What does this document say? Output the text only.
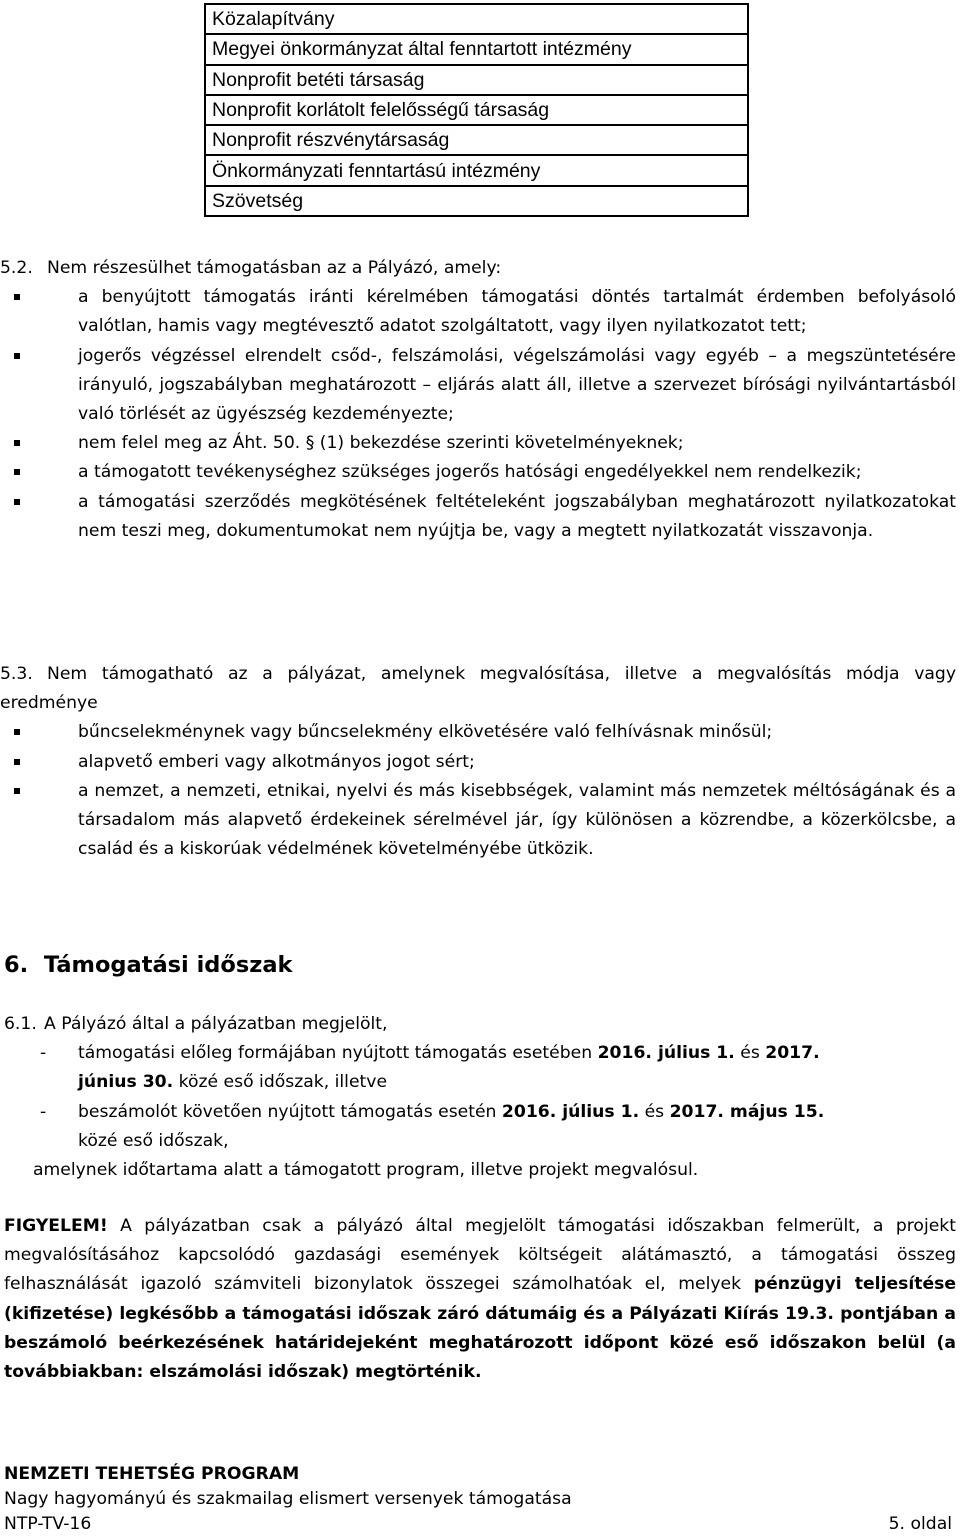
Közalapítvány
Megyei önkormányzat által fenntartott intézmény
Nonprofit betéti társaság
Nonprofit korlátolt felelősségű társaság
Nonprofit részvénytársaság
Önkormányzati fenntartású intézmény
Szövetség

5.2. Nem részesülhet támogatásban az a Pályázó, amely:

a benyújtott támogatás iránti kérelmében támogatási döntés tartalmát érdemben befolyásoló valótlan, hamis vagy megtévesztő adatot szolgáltatott, vagy ilyen nyilatkozatot tett;

jogerős végzéssel elrendelt csőd-, felszámolási, végelszámolási vagy egyéb – a megszüntetésére irányuló, jogszabályban meghatározott – eljárás alatt áll, illetve a szervezet bírósági nyilvántartásból való törlését az ügyészség kezdeményezte;

nem felel meg az Áht. 50. § (1) bekezdése szerinti követelményeknek;

a támogatott tevékenységhez szükséges jogerős hatósági engedélyekkel nem rendelkezik;

a támogatási szerződés megkötésének feltételeként jogszabályban meghatározott nyilatkozatokat nem teszi meg, dokumentumokat nem nyújtja be, vagy a megtett nyilatkozatát visszavonja.

5.3. Nem támogatható az a pályázat, amelynek megvalósítása, illetve a megvalósítás módja vagy eredménye

bűncselekménynek vagy bűncselekmény elkövetésére való felhívásnak minősül;

alapvető emberi vagy alkotmányos jogot sért;

a nemzet, a nemzeti, etnikai, nyelvi és más kisebbségek, valamint más nemzetek méltóságának és a társadalom más alapvető érdekeinek sérelmével jár, így különösen a közrendbe, a közerkölcsbe, a család és a kiskorúak védelmének követelményébe ütközik.

6. Támogatási időszak

6.1. A Pályázó által a pályázatban megjelölt,

- támogatási előleg formájában nyújtott támogatás esetében 2016. július 1. és 2017.
június 30. közé eső időszak, illetve

- beszámolót követően nyújtott támogatás esetén 2016. július 1. és 2017. május 15.
közé eső időszak,

amelynek időtartama alatt a támogatott program, illetve projekt megvalósul.

FIGYELEM! A pályázatban csak a pályázó által megjelölt támogatási időszakban felmerült, a projekt megvalósításához kapcsolódó gazdasági események költségeit alátámasztó, a támogatási összeg felhasználását igazoló számviteli bizonylatok összegei számolhatóak el, melyek pénzügyi teljesítése (kifizetése) legkésőbb a támogatási időszak záró dátumáig és a Pályázati Kiírás 19.3. pontjában a beszámoló beérkezésének határidejeként meghatározott időpont közé eső időszakon belül (a továbbiakban: elszámolási időszak) megtörténik.

NEMZETI TEHETSÉG PROGRAM
Nagy hagyományú és szakmailag elismert versenyek támogatása
NTP-TV-16	5. oldal
